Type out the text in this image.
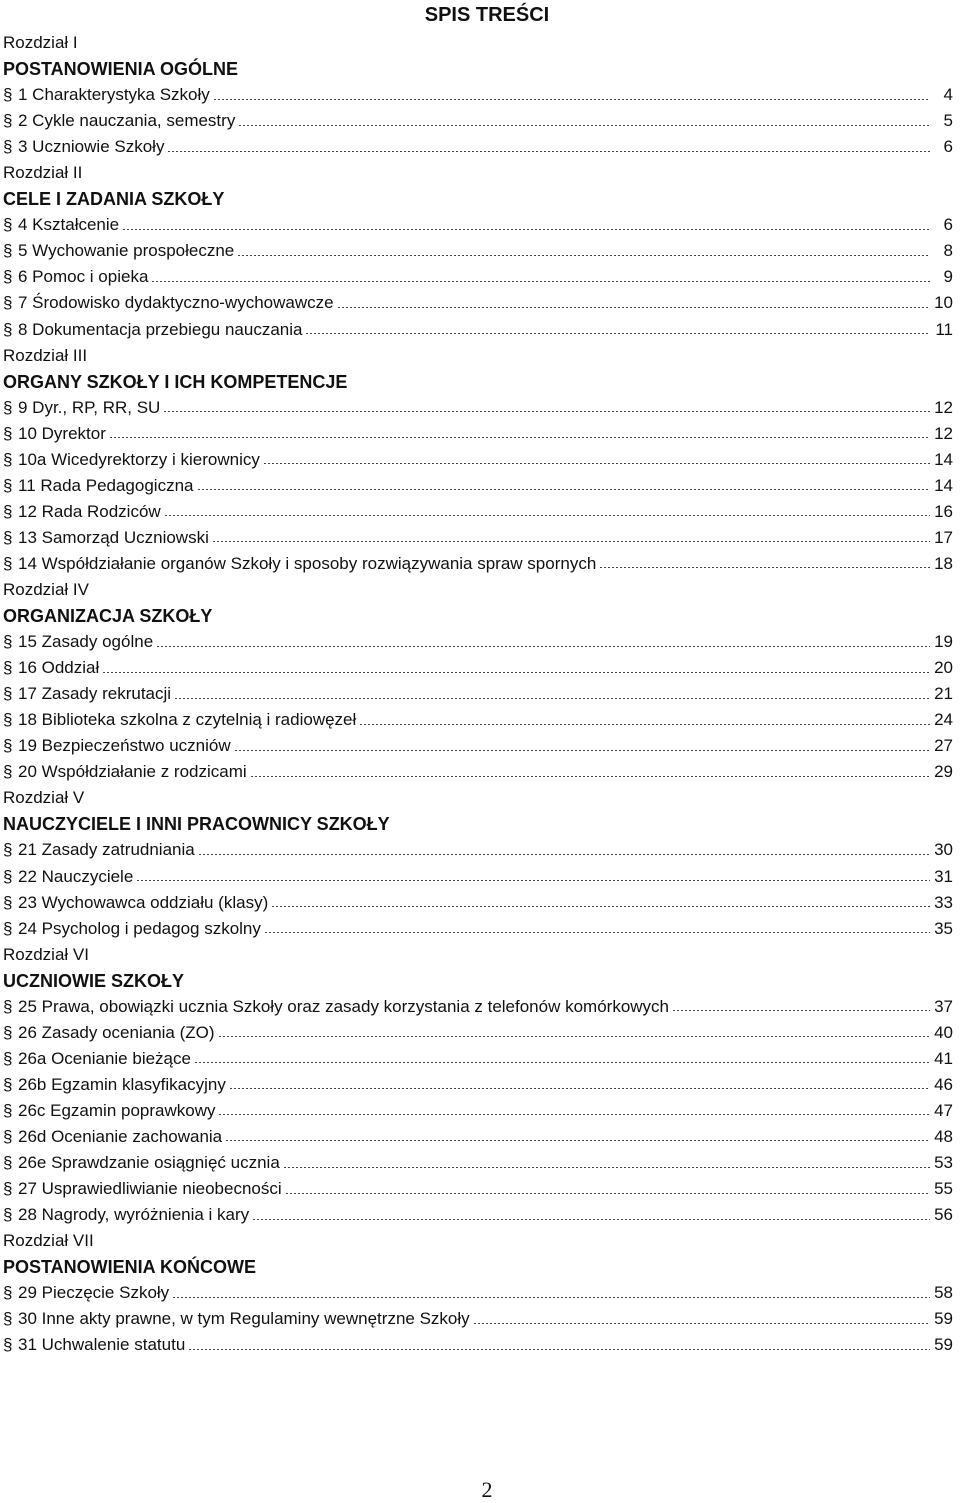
SPIS TREŚCI
Rozdział I
POSTANOWIENIA OGÓLNE
§ 1 Charakterystyka Szkoły	4
§ 2 Cykle nauczania, semestry	5
§ 3 Uczniowie Szkoły	6
Rozdział II
CELE I ZADANIA SZKOŁY
§ 4 Kształcenie	6
§ 5 Wychowanie prospołeczne	8
§ 6 Pomoc i opieka	9
§ 7 Środowisko dydaktyczno-wychowawcze	10
§ 8 Dokumentacja przebiegu nauczania	11
Rozdział III
ORGANY SZKOŁY I ICH KOMPETENCJE
§ 9 Dyr., RP, RR, SU	12
§ 10 Dyrektor	12
§ 10a Wicedyrektorzy i kierownicy	14
§ 11 Rada Pedagogiczna	14
§ 12 Rada Rodziców	16
§ 13 Samorząd Uczniowski	17
§ 14 Współdziałanie organów Szkoły i sposoby rozwiązywania spraw spornych	18
Rozdział IV
ORGANIZACJA SZKOŁY
§ 15 Zasady ogólne	19
§ 16 Oddział	20
§ 17 Zasady rekrutacji	21
§ 18 Biblioteka szkolna z czytelnią i radiowęzeł	24
§ 19 Bezpieczeństwo uczniów	27
§ 20 Współdziałanie z rodzicami	29
Rozdział V
NAUCZYCIELE I INNI PRACOWNICY SZKOŁY
§ 21 Zasady zatrudniania	30
§ 22 Nauczyciele	31
§ 23 Wychowawca oddziału (klasy)	33
§ 24 Psycholog i pedagog szkolny	35
Rozdział VI
UCZNIOWIE SZKOŁY
§ 25 Prawa, obowiązki ucznia Szkoły oraz zasady korzystania z telefonów komórkowych	37
§ 26 Zasady oceniania (ZO)	40
§ 26a Ocenianie bieżące	41
§ 26b Egzamin klasyfikacyjny	46
§ 26c Egzamin poprawkowy	47
§ 26d Ocenianie zachowania	48
§ 26e Sprawdzanie osiągnięć ucznia	53
§ 27 Usprawiedliwianie nieobecności	55
§ 28 Nagrody, wyróżnienia i kary	56
Rozdział VII
POSTANOWIENIA KOŃCOWE
§ 29 Pieczęcie Szkoły	58
§ 30 Inne akty prawne, w tym Regulaminy wewnętrzne Szkoły	59
§ 31 Uchwalenie statutu	59
2
